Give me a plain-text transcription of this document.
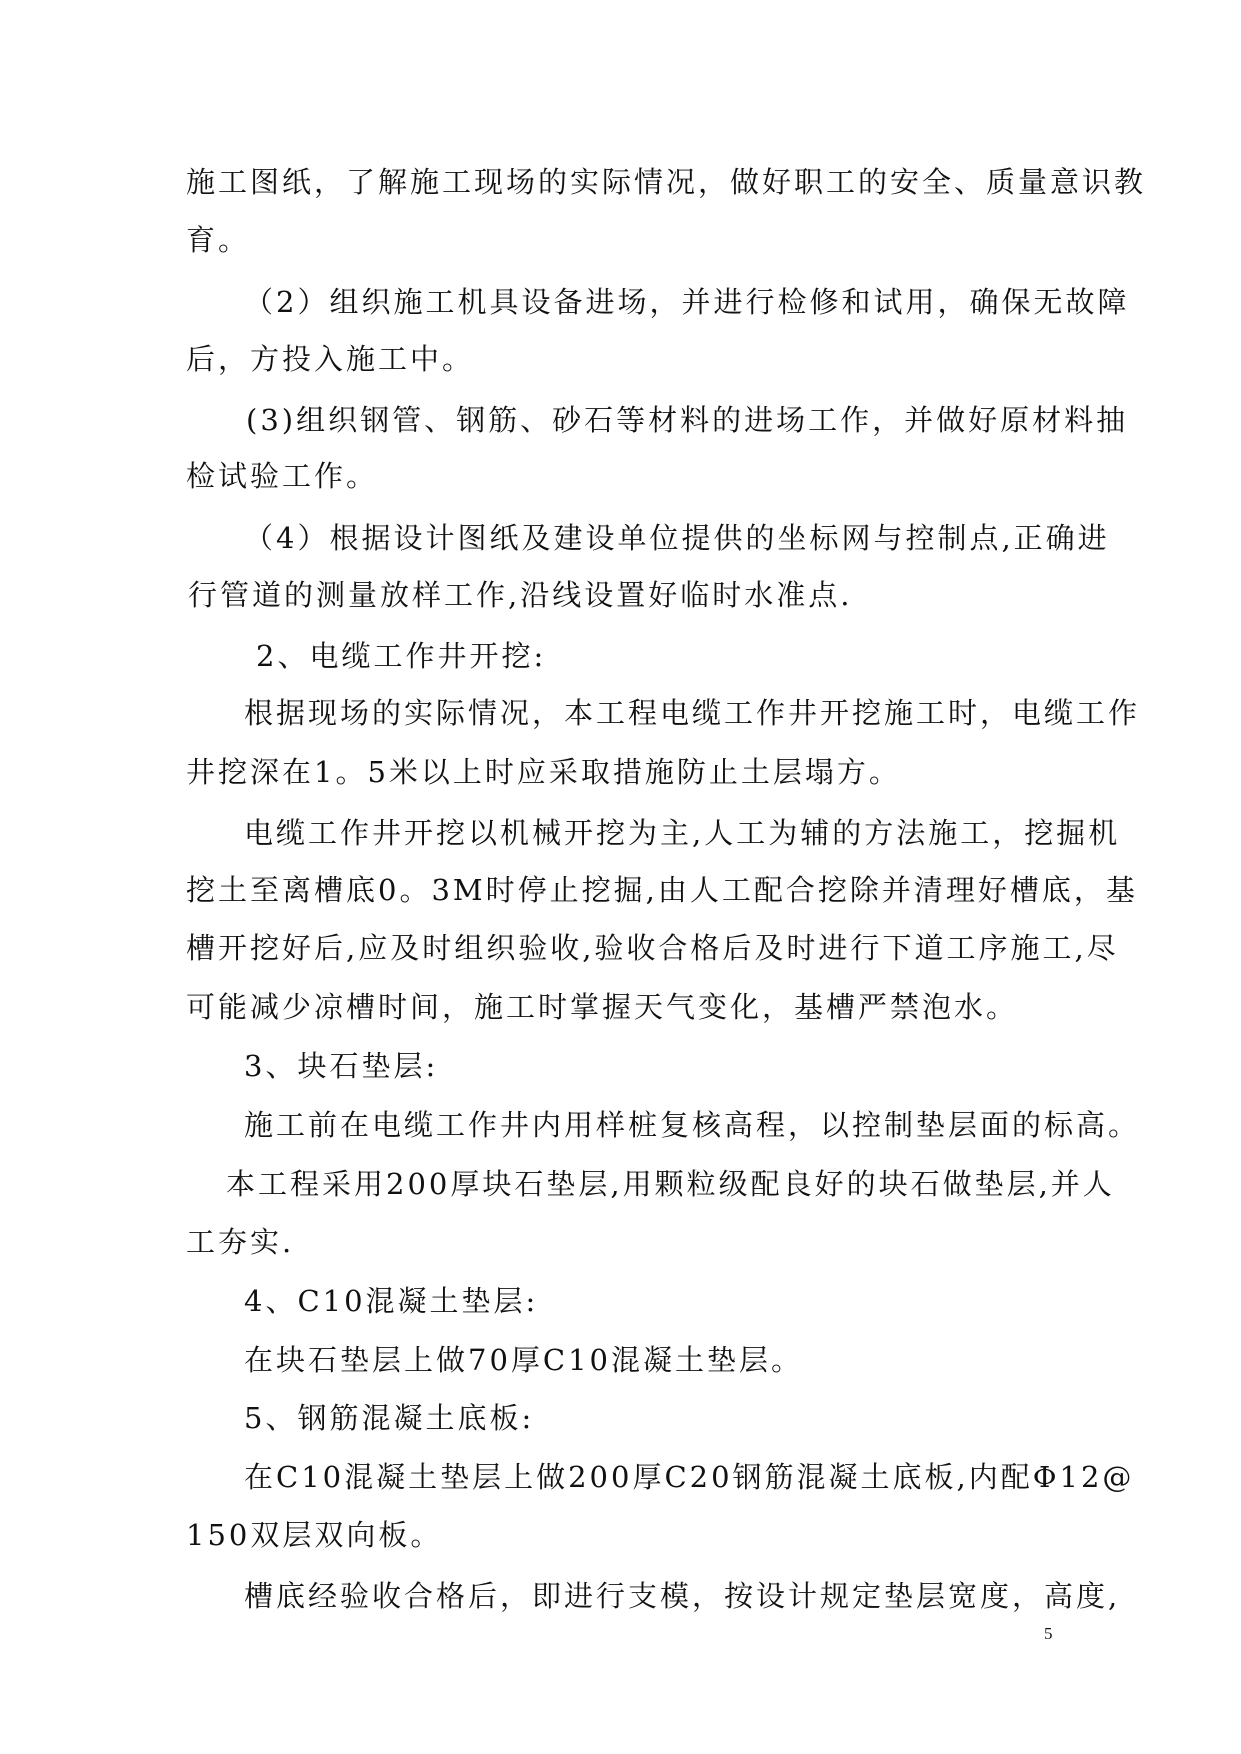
施工图纸，了解施工现场的实际情况，做好职工的安全、质量意识教
育。
（2）组织施工机具设备进场，并进行检修和试用，确保无故障
后，方投入施工中。
(3)组织钢管、钢筋、砂石等材料的进场工作，并做好原材料抽
检试验工作。
（4）根据设计图纸及建设单位提供的坐标网与控制点,正确进
行管道的测量放样工作,沿线设置好临时水准点.
2、电缆工作井开挖:
根据现场的实际情况，本工程电缆工作井开挖施工时，电缆工作
井挖深在1。5米以上时应采取措施防止土层塌方。
电缆工作井开挖以机械开挖为主,人工为辅的方法施工，挖掘机
挖土至离槽底0。3M时停止挖掘,由人工配合挖除并清理好槽底，基
槽开挖好后,应及时组织验收,验收合格后及时进行下道工序施工,尽
可能减少凉槽时间，施工时掌握天气变化，基槽严禁泡水。
3、块石垫层:
施工前在电缆工作井内用样桩复核高程，以控制垫层面的标高。
本工程采用200厚块石垫层,用颗粒级配良好的块石做垫层,并人
工夯实.
4、C10混凝土垫层:
在块石垫层上做70厚C10混凝土垫层。
5、钢筋混凝土底板:
在C10混凝土垫层上做200厚C20钢筋混凝土底板,内配Φ12@
150双层双向板。
槽底经验收合格后，即进行支模，按设计规定垫层宽度，高度,
5
